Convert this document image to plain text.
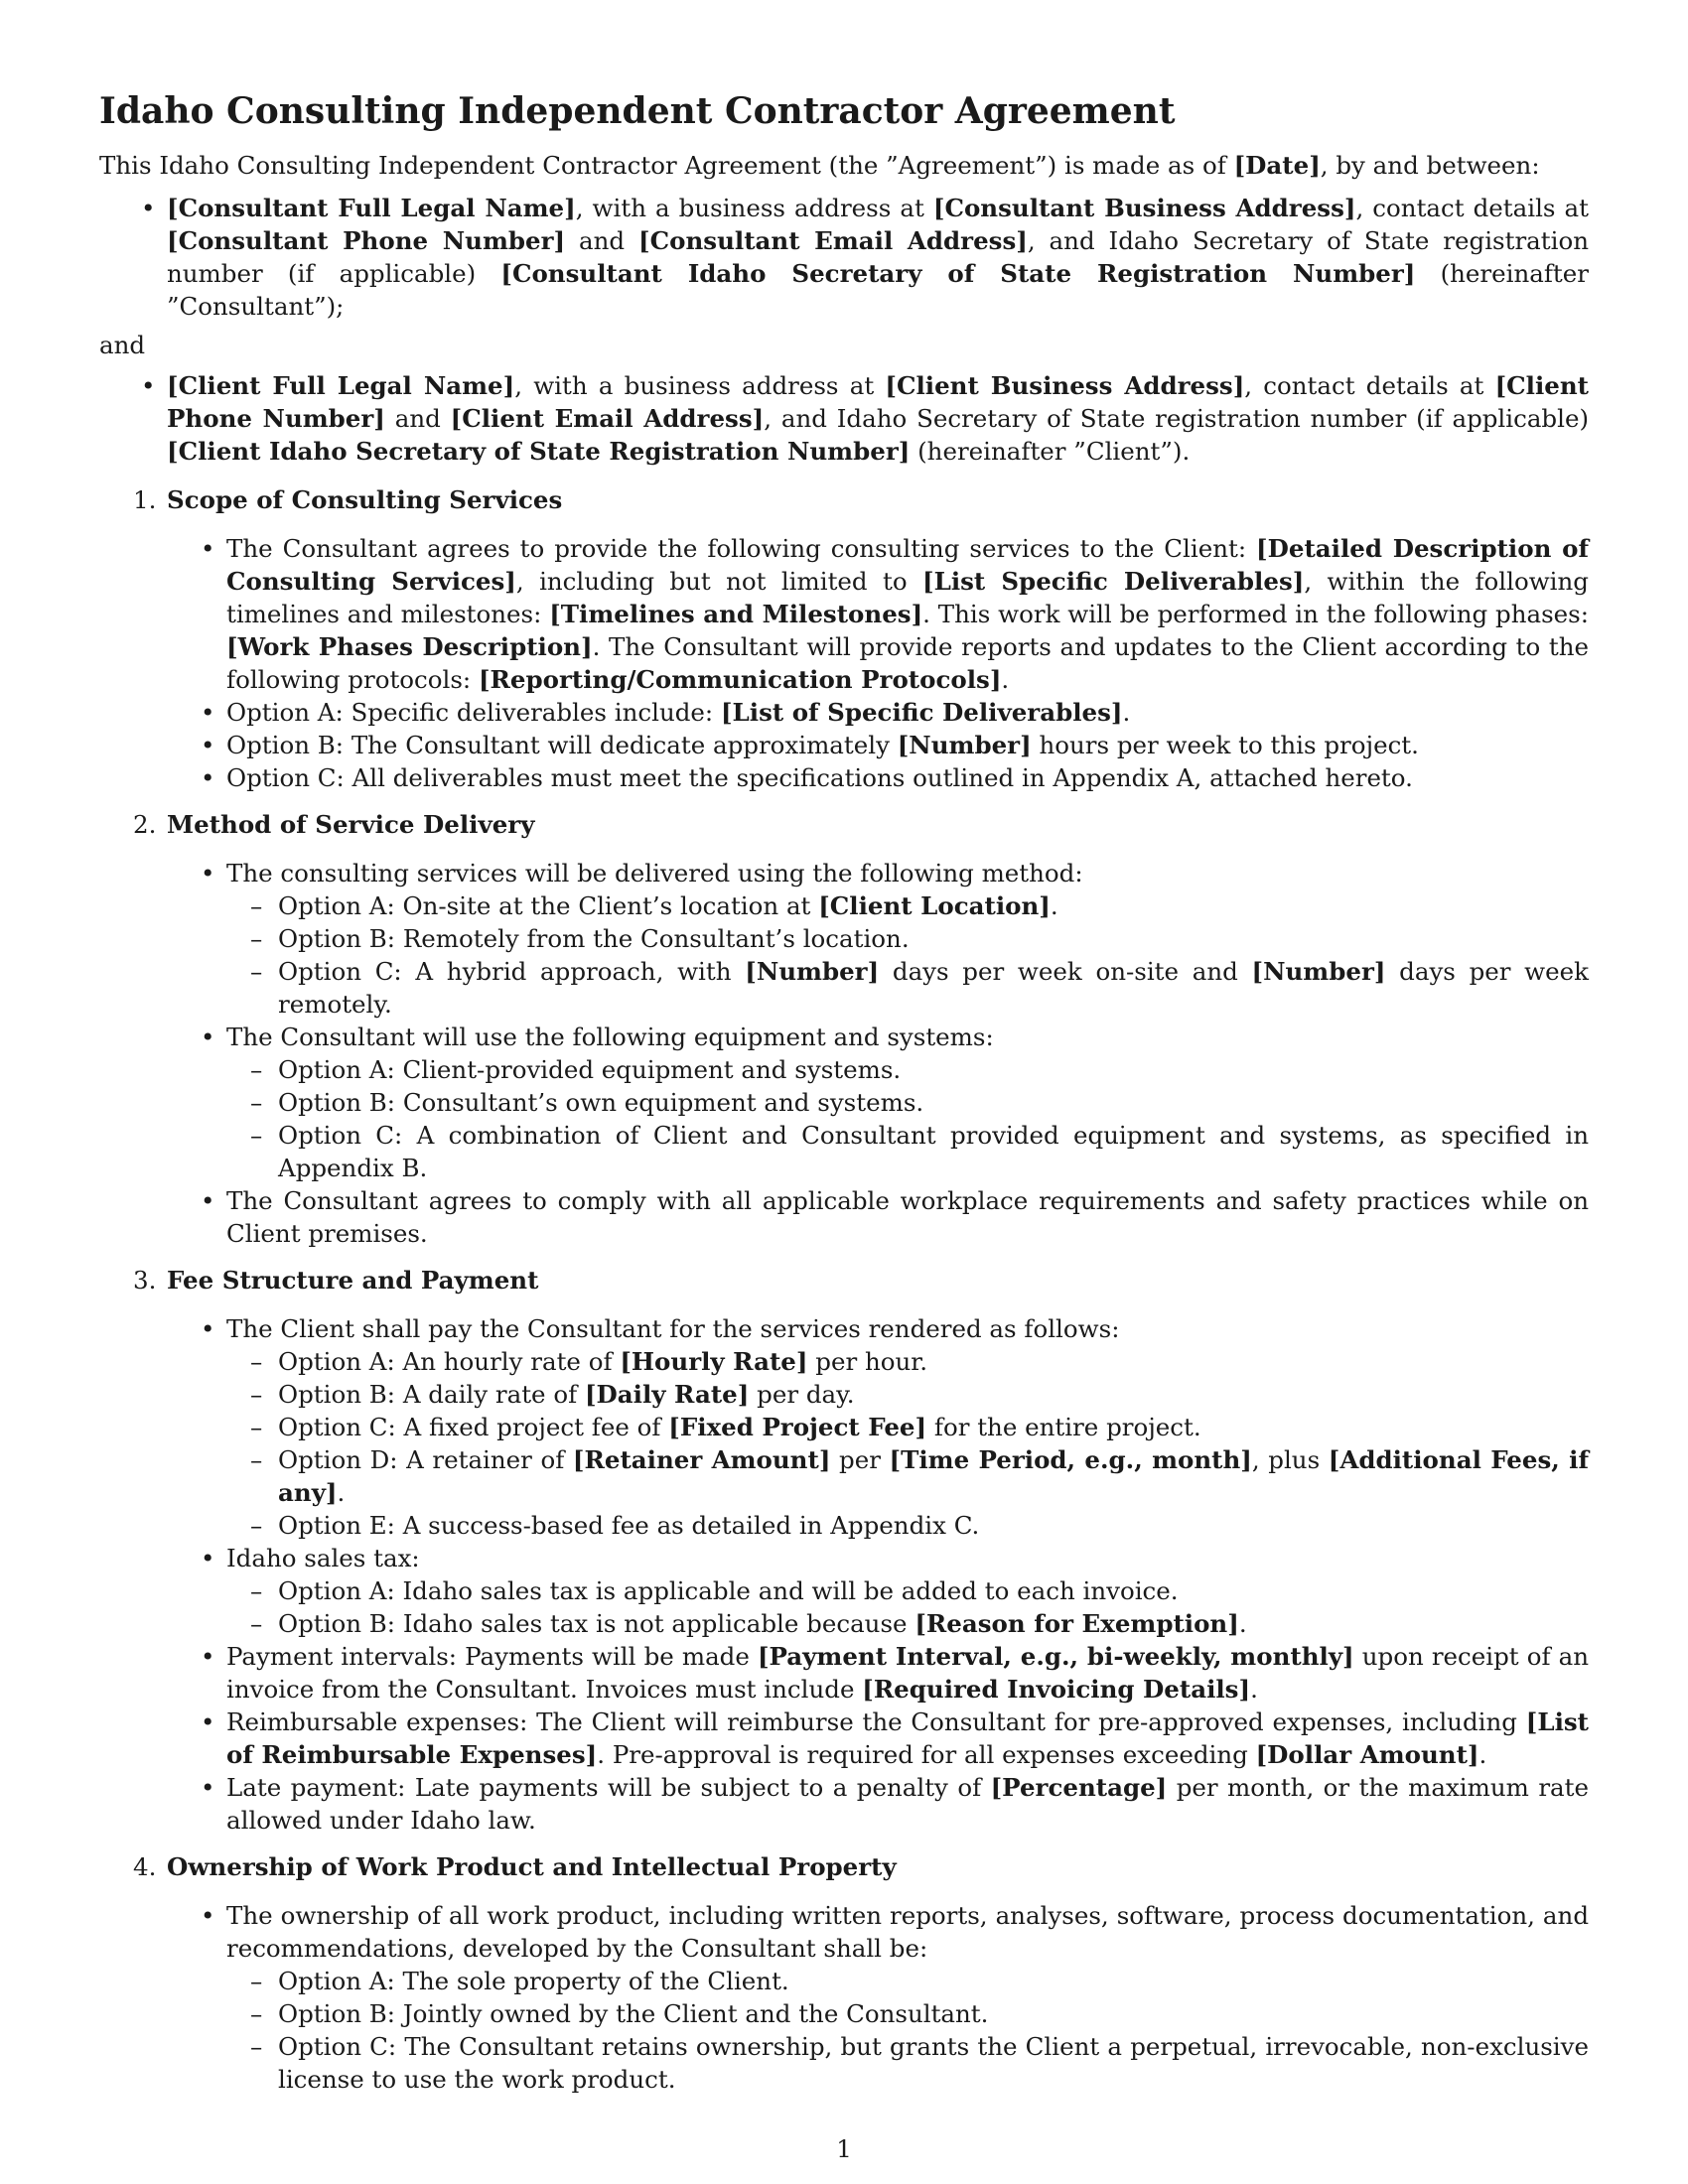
Idaho Consulting Independent Contractor Agreement

This Idaho Consulting Independent Contractor Agreement (the ”Agreement”) is made as of [Date], by and between:

• [Consultant Full Legal Name], with a business address at [Consultant Business Address], contact details at [Consultant Phone Number] and [Consultant Email Address], and Idaho Secretary of State registration number (if applicable) [Consultant Idaho Secretary of State Registration Number] (hereinafter ”Consultant”);

and

• [Client Full Legal Name], with a business address at [Client Business Address], contact details at [Client Phone Number] and [Client Email Address], and Idaho Secretary of State registration number (if applicable) [Client Idaho Secretary of State Registration Number] (hereinafter ”Client”).
1. Scope of Consulting Services
• The Consultant agrees to provide the following consulting services to the Client: [Detailed Description of Consulting Services], including but not limited to [List Specific Deliverables], within the following timelines and milestones: [Timelines and Milestones]. This work will be performed in the following phases: [Work Phases Description]. The Consultant will provide reports and updates to the Client according to the following protocols: [Reporting/Communication Protocols].
• Option A: Specific deliverables include: [List of Specific Deliverables].
• Option B: The Consultant will dedicate approximately [Number] hours per week to this project.
• Option C: All deliverables must meet the specifications outlined in Appendix A, attached hereto.
2. Method of Service Delivery
• The consulting services will be delivered using the following method:
– Option A: On-site at the Client’s location at [Client Location].
– Option B: Remotely from the Consultant’s location.
– Option C: A hybrid approach, with [Number] days per week on-site and [Number] days per week remotely.
• The Consultant will use the following equipment and systems:
– Option A: Client-provided equipment and systems.
– Option B: Consultant’s own equipment and systems.
– Option C: A combination of Client and Consultant provided equipment and systems, as specified in Appendix B.
• The Consultant agrees to comply with all applicable workplace requirements and safety practices while on Client premises.
3. Fee Structure and Payment
• The Client shall pay the Consultant for the services rendered as follows:
– Option A: An hourly rate of [Hourly Rate] per hour.
– Option B: A daily rate of [Daily Rate] per day.
– Option C: A fixed project fee of [Fixed Project Fee] for the entire project.
– Option D: A retainer of [Retainer Amount] per [Time Period, e.g., month], plus [Additional Fees, if any].
– Option E: A success-based fee as detailed in Appendix C.
• Idaho sales tax:
– Option A: Idaho sales tax is applicable and will be added to each invoice.
– Option B: Idaho sales tax is not applicable because [Reason for Exemption].
• Payment intervals: Payments will be made [Payment Interval, e.g., bi-weekly, monthly] upon receipt of an invoice from the Consultant. Invoices must include [Required Invoicing Details].
• Reimbursable expenses: The Client will reimburse the Consultant for pre-approved expenses, including [List of Reimbursable Expenses]. Pre-approval is required for all expenses exceeding [Dollar Amount].
• Late payment: Late payments will be subject to a penalty of [Percentage] per month, or the maximum rate allowed under Idaho law.
4. Ownership of Work Product and Intellectual Property
• The ownership of all work product, including written reports, analyses, software, process documentation, and recommendations, developed by the Consultant shall be:
– Option A: The sole property of the Client.
– Option B: Jointly owned by the Client and the Consultant.
– Option C: The Consultant retains ownership, but grants the Client a perpetual, irrevocable, non-exclusive license to use the work product.
1
